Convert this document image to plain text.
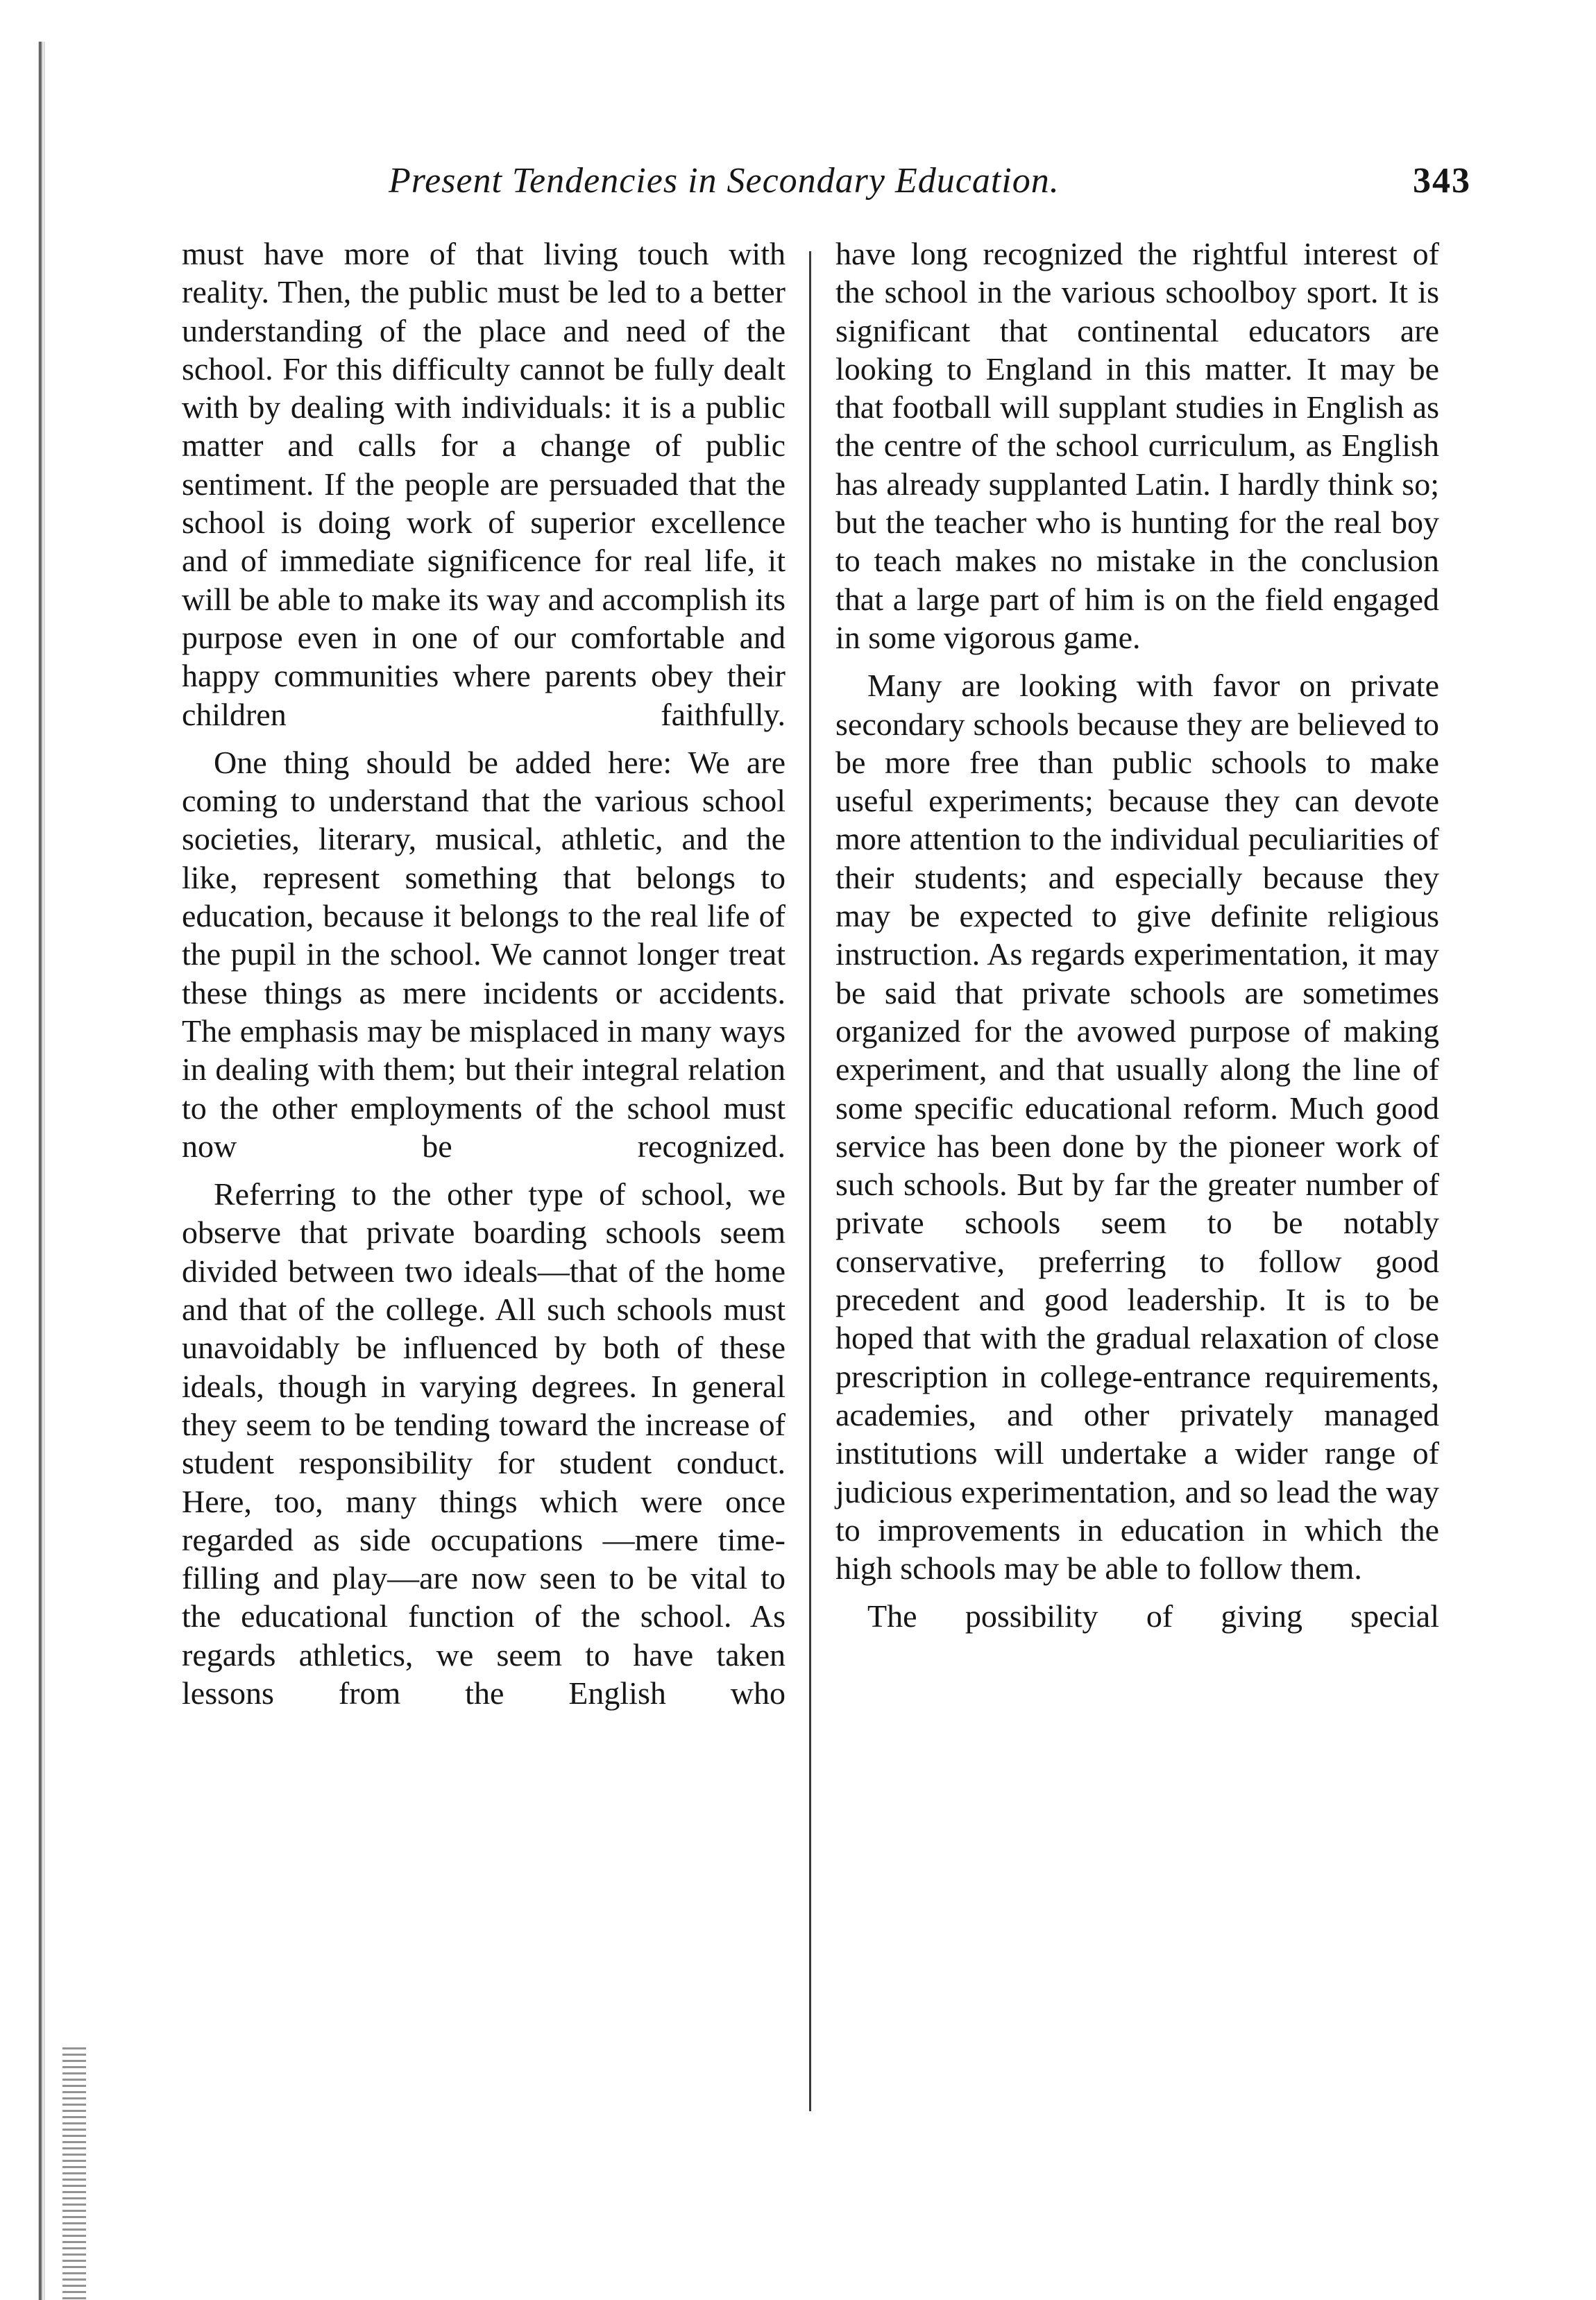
Present Tendencies in Secondary Education.	343

must have more of that living touch with reality. Then, the public must be led to a better understanding of the place and need of the school. For this difficulty cannot be fully dealt with by dealing with individuals: it is a public matter and calls for a change of public sentiment. If the people are persuaded that the school is doing work of superior excellence and of immediate significence for real life, it will be able to make its way and accomplish its purpose even in one of our comfortable and happy communities where parents obey their children faithfully.

One thing should be added here: We are coming to understand that the various school societies, literary, musical, athletic, and the like, represent something that belongs to education, because it belongs to the real life of the pupil in the school. We cannot longer treat these things as mere incidents or accidents. The emphasis may be misplaced in many ways in dealing with them; but their integral relation to the other employments of the school must now be recognized.

Referring to the other type of school, we observe that private boarding schools seem divided between two ideals—that of the home and that of the college. All such schools must unavoidably be influenced by both of these ideals, though in varying degrees. In general they seem to be tending toward the increase of student responsibility for student conduct. Here, too, many things which were once regarded as side occupations —mere time-filling and play—are now seen to be vital to the educational function of the school. As regards athletics, we seem to have taken lessons from the English who

have long recognized the rightful interest of the school in the various schoolboy sport. It is significant that continental educators are looking to England in this matter. It may be that football will supplant studies in English as the centre of the school curriculum, as English has already supplanted Latin. I hardly think so; but the teacher who is hunting for the real boy to teach makes no mistake in the conclusion that a large part of him is on the field engaged in some vigorous game.

Many are looking with favor on private secondary schools because they are believed to be more free than public schools to make useful experiments; because they can devote more attention to the individual peculiarities of their students; and especially because they may be expected to give definite religious instruction. As regards experimentation, it may be said that private schools are sometimes organized for the avowed purpose of making experiment, and that usually along the line of some specific educational reform. Much good service has been done by the pioneer work of such schools. But by far the greater number of private schools seem to be notably conservative, preferring to follow good precedent and good leadership. It is to be hoped that with the gradual relaxation of close prescription in college-entrance requirements, academies, and other privately managed institutions will undertake a wider range of judicious experimentation, and so lead the way to improvements in education in which the high schools may be able to follow them.

The possibility of giving special
